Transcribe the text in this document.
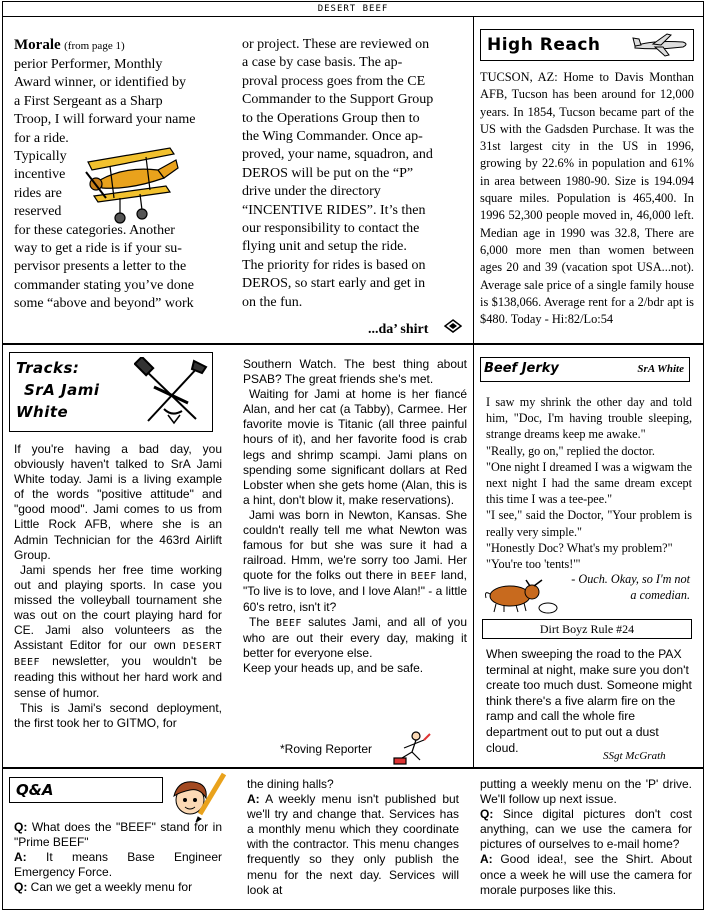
DESERT BEEF
Morale (from page 1)
perior Performer, Monthly
Award winner, or identified by
a First Sergeant as a Sharp
Troop, I will forward your name
for a ride.
Typically
incentive
rides are
reserved
for these categories. Another
way to get a ride is if your su-
pervisor presents a letter to the
commander stating you’ve done
some “above and beyond” work
or project. These are reviewed on
a case by case basis. The ap-
proval process goes from the CE
Commander to the Support Group
to the Operations Group then to
the Wing Commander. Once ap-
proved, your name, squadron, and
DEROS will be put on the “P”
drive under the directory
“INCENTIVE RIDES”. It’s then
our responsibility to contact the
flying unit and setup the ride.
The priority for rides is based on
DEROS, so start early and get in
on the fun.
...da’ shirt
High Reach

TUCSON, AZ: Home to Davis Monthan AFB, Tucson has been around for 12,000 years. In 1854, Tucson became part of the US with the Gadsden Purchase. It was the 31st largest city in the US in 1996, growing by 22.6% in population and 61% in area between 1980-90. Size is 194.094 square miles. Population is 465,400. In 1996 52,300 people moved in, 46,000 left. Median age in 1990 was 32.8, There are 6,000 more men than women between ages 20 and 39 (vacation spot USA...not). Average sale price of a single family house is $138,066. Average rent for a 2/bdr apt is $480. Today - Hi:82/Lo:54

Tracks:
SrA Jami
White

If you're having a bad day, you obviously haven't talked to SrA Jami White today. Jami is a living example of the words "positive attitude" and "good mood". Jami comes to us from Little Rock AFB, where she is an Admin Technician for the 463rd Airlift Group.

Jami spends her free time working out and playing sports. In case you missed the volleyball tournament she was out on the court playing hard for CE. Jami also volunteers as the Assistant Editor for our own DESERT BEEF newsletter, you wouldn't be reading this without her hard work and sense of humor.

This is Jami's second deployment, the first took her to GITMO, for

Southern Watch. The best thing about PSAB? The great friends she's met.

Waiting for Jami at home is her fiancé Alan, and her cat (a Tabby), Carmee. Her favorite movie is Titanic (all three painful hours of it), and her favorite food is crab legs and shrimp scampi. Jami plans on spending some significant dollars at Red Lobster when she gets home (Alan, this is a hint, don't blow it, make reservations).

Jami was born in Newton, Kansas. She couldn't really tell me what Newton was famous for but she was sure it had a railroad. Hmm, we're sorry too Jami. Her quote for the folks out there in BEEF land, "To live is to love, and I love Alan!" - a little 60's retro, isn't it?

The BEEF salutes Jami, and all of you who are out their every day, making it better for everyone else.

Keep your heads up, and be safe.

*Roving Reporter
Beef Jerky	SrA White

I saw my shrink the other day and told him, "Doc, I'm having trouble sleeping, strange dreams keep me awake."

"Really, go on," replied the doctor.

"One night I dreamed I was a wigwam the next night I had the same dream except this time I was a tee-pee."

"I see," said the Doctor, "Your problem is really very simple."

"Honestly Doc? What's my problem?"

"You're too 'tents!'"

- Ouch. Okay, so I'm not
a comedian.
Dirt Boyz Rule #24

When sweeping the road to the PAX terminal at night, make sure you don't create too much dust. Someone might think there's a five alarm fire on the ramp and call the whole fire department out to put out a dust cloud.

SSgt McGrath
Q&A

Q: What does the "BEEF" stand for in "Prime BEEF"

A: It means Base Engineer Emergency Force.

Q: Can we get a weekly menu for

the dining halls?

A: A weekly menu isn't published but we'll try and change that. Services has a monthly menu which they coordinate with the contractor. This menu changes frequently so they only publish the menu for the next day. Services will look at

putting a weekly menu on the 'P' drive. We'll follow up next issue.

Q: Since digital pictures don't cost anything, can we use the camera for pictures of ourselves to e-mail home?

A: Good idea!, see the Shirt. About once a week he will use the camera for morale purposes like this.
